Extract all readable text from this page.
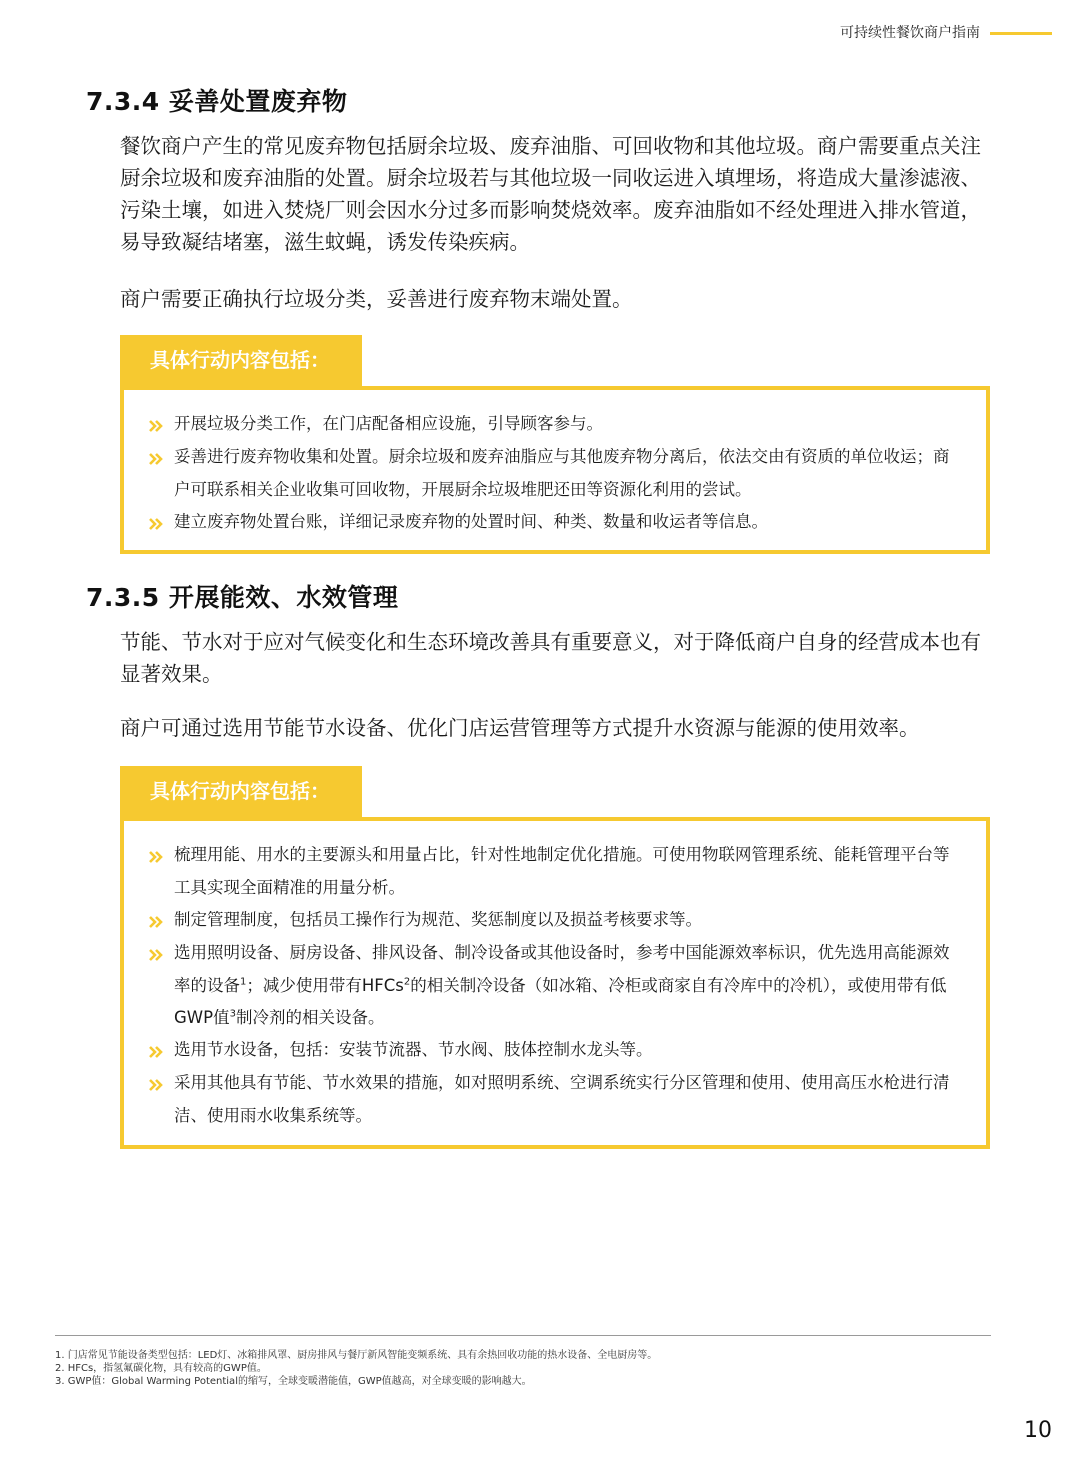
可持续性餐饮商户指南
7.3.4 妥善处置废弃物
餐饮商户产生的常见废弃物包括厨余垃圾、废弃油脂、可回收物和其他垃圾。商户需要重点关注厨余垃圾和废弃油脂的处置。厨余垃圾若与其他垃圾一同收运进入填埋场，将造成大量渗滤液、污染土壤，如进入焚烧厂则会因水分过多而影响焚烧效率。废弃油脂如不经处理进入排水管道，易导致凝结堵塞，滋生蚊蝇，诱发传染疾病。
商户需要正确执行垃圾分类，妥善进行废弃物末端处置。
具体行动内容包括：
开展垃圾分类工作，在门店配备相应设施，引导顾客参与。
妥善进行废弃物收集和处置。厨余垃圾和废弃油脂应与其他废弃物分离后，依法交由有资质的单位收运；商户可联系相关企业收集可回收物，开展厨余垃圾堆肥还田等资源化利用的尝试。
建立废弃物处置台账，详细记录废弃物的处置时间、种类、数量和收运者等信息。
7.3.5 开展能效、水效管理
节能、节水对于应对气候变化和生态环境改善具有重要意义，对于降低商户自身的经营成本也有显著效果。
商户可通过选用节能节水设备、优化门店运营管理等方式提升水资源与能源的使用效率。
具体行动内容包括：
梳理用能、用水的主要源头和用量占比，针对性地制定优化措施。可使用物联网管理系统、能耗管理平台等工具实现全面精准的用量分析。
制定管理制度，包括员工操作行为规范、奖惩制度以及损益考核要求等。
选用照明设备、厨房设备、排风设备、制冷设备或其他设备时，参考中国能源效率标识，优先选用高能源效率的设备$^1$；减少使用带有HFCs$^2$的相关制冷设备（如冰箱、冷柜或商家自有冷库中的冷机），或使用带有低GWP值$^3$制冷剂的相关设备。
选用节水设备，包括：安装节流器、节水阀、肢体控制水龙头等。
采用其他具有节能、节水效果的措施，如对照明系统、空调系统实行分区管理和使用、使用高压水枪进行清洁、使用雨水收集系统等。
1. 门店常见节能设备类型包括：LED灯、冰箱排风罩、厨房排风与餐厅新风智能变频系统、具有余热回收功能的热水设备、全电厨房等。
2. HFCs，指氢氟碳化物，具有较高的GWP值。
3. GWP值：Global Warming Potential的缩写，全球变暖潜能值，GWP值越高，对全球变暖的影响越大。
10
